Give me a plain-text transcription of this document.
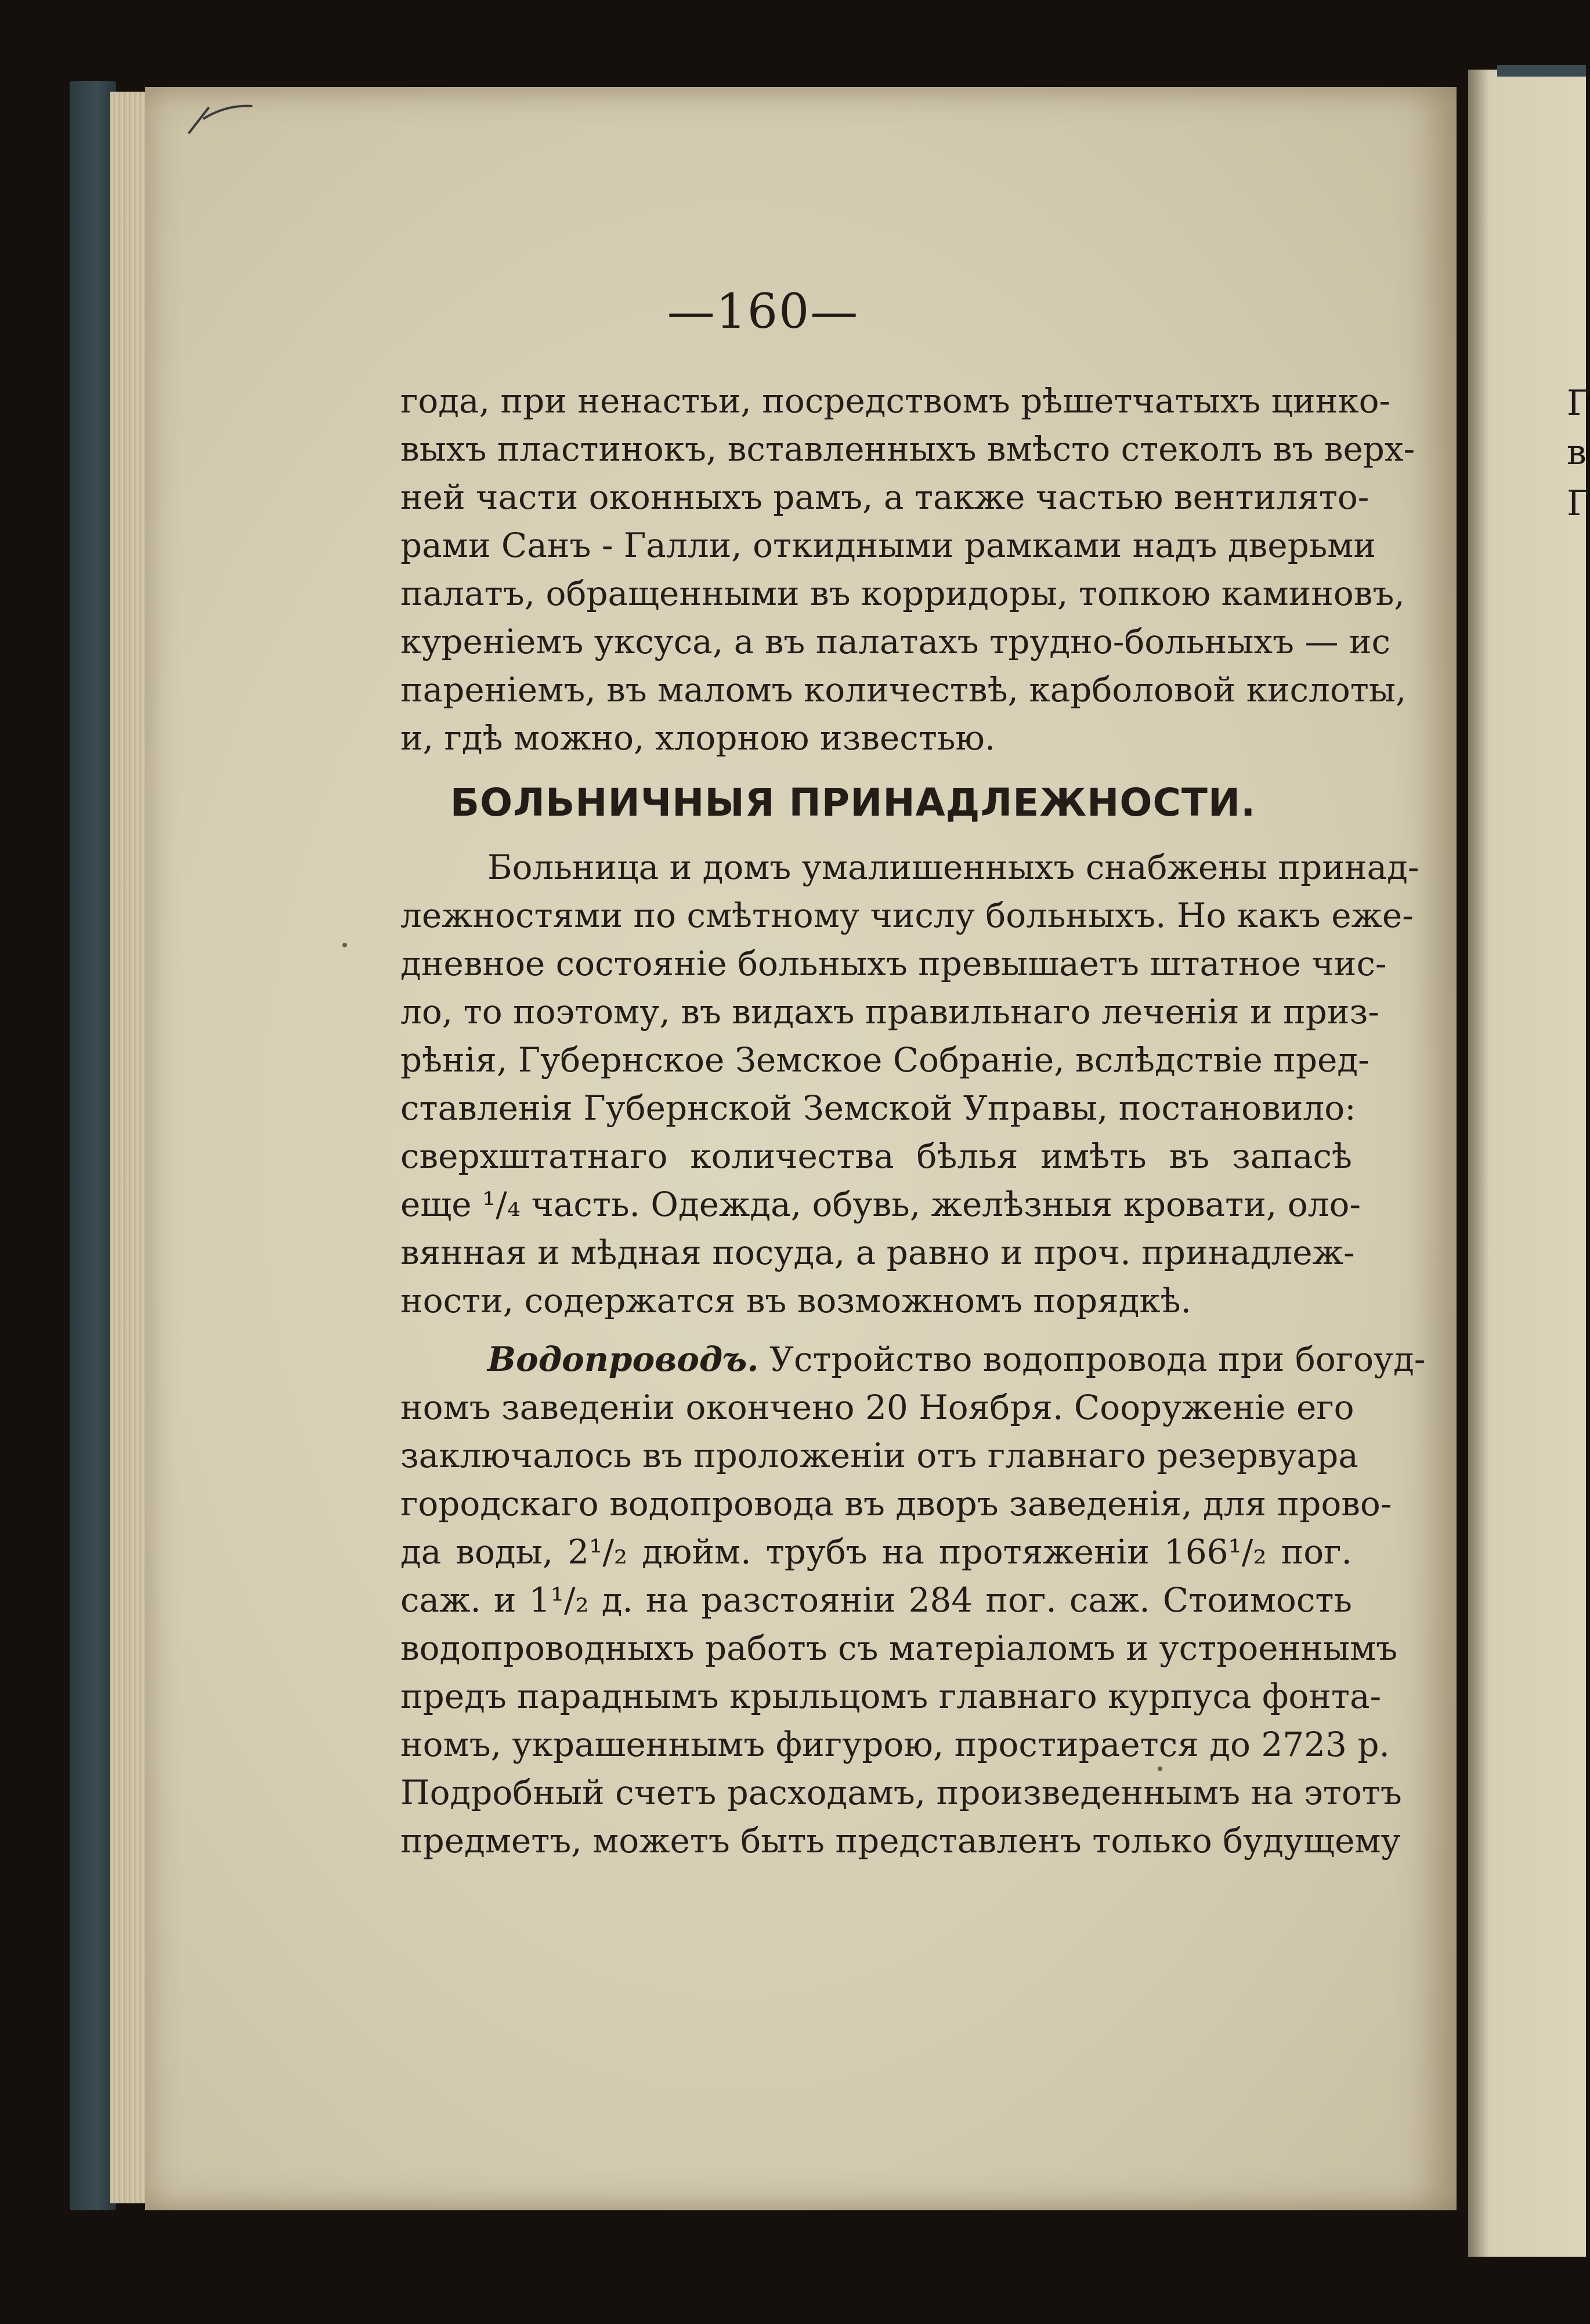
Г
в
Г
—160—
года, при ненастьи, посредствомъ рѣшетчатыхъ цинко-
выхъ пластинокъ, вставленныхъ вмѣсто стеколъ въ верх-
ней части оконныхъ рамъ, а также частью вентилято-
рами Санъ - Галли, откидными рамками надъ дверьми
палатъ, обращенными въ корридоры, топкою каминовъ,
куреніемъ уксуса, а въ палатахъ трудно-больныхъ — ис
пареніемъ, въ маломъ количествѣ, карболовой кислоты,
и, гдѣ можно, хлорною известью.
БОЛЬНИЧНЫЯ ПРИНАДЛЕЖНОСТИ.
Больница и домъ умалишенныхъ снабжены принад-
лежностями по смѣтному числу больныхъ. Но какъ еже-
дневное состояніе больныхъ превышаетъ штатное чис-
ло, то поэтому, въ видахъ правильнаго леченія и приз-
рѣнія, Губернское Земское Собраніе, вслѣдствіе пред-
ставленія Губернской Земской Управы, постановило:
сверхштатнаго количества бѣлья имѣть въ запасѣ
еще ¹/₄ часть. Одежда, обувь, желѣзныя кровати, оло-
вянная и мѣдная посуда, а равно и проч. принадлеж-
ности, содержатся въ возможномъ порядкѣ.
Водопроводъ. Устройство водопровода при богоуд-
номъ заведеніи окончено 20 Ноября. Сооруженіе его
заключалось въ проложеніи отъ главнаго резервуара
городскаго водопровода въ дворъ заведенія, для прово-
да воды, 2¹/₂ дюйм. трубъ на протяженіи 166¹/₂ пог.
саж. и 1¹/₂ д. на разстояніи 284 пог. саж. Стоимость
водопроводныхъ работъ съ матеріаломъ и устроеннымъ
предъ параднымъ крыльцомъ главнаго курпуса фонта-
номъ, украшеннымъ фигурою, простирается до 2723 р.
Подробный счетъ расходамъ, произведеннымъ на этотъ
предметъ, можетъ быть представленъ только будущему
